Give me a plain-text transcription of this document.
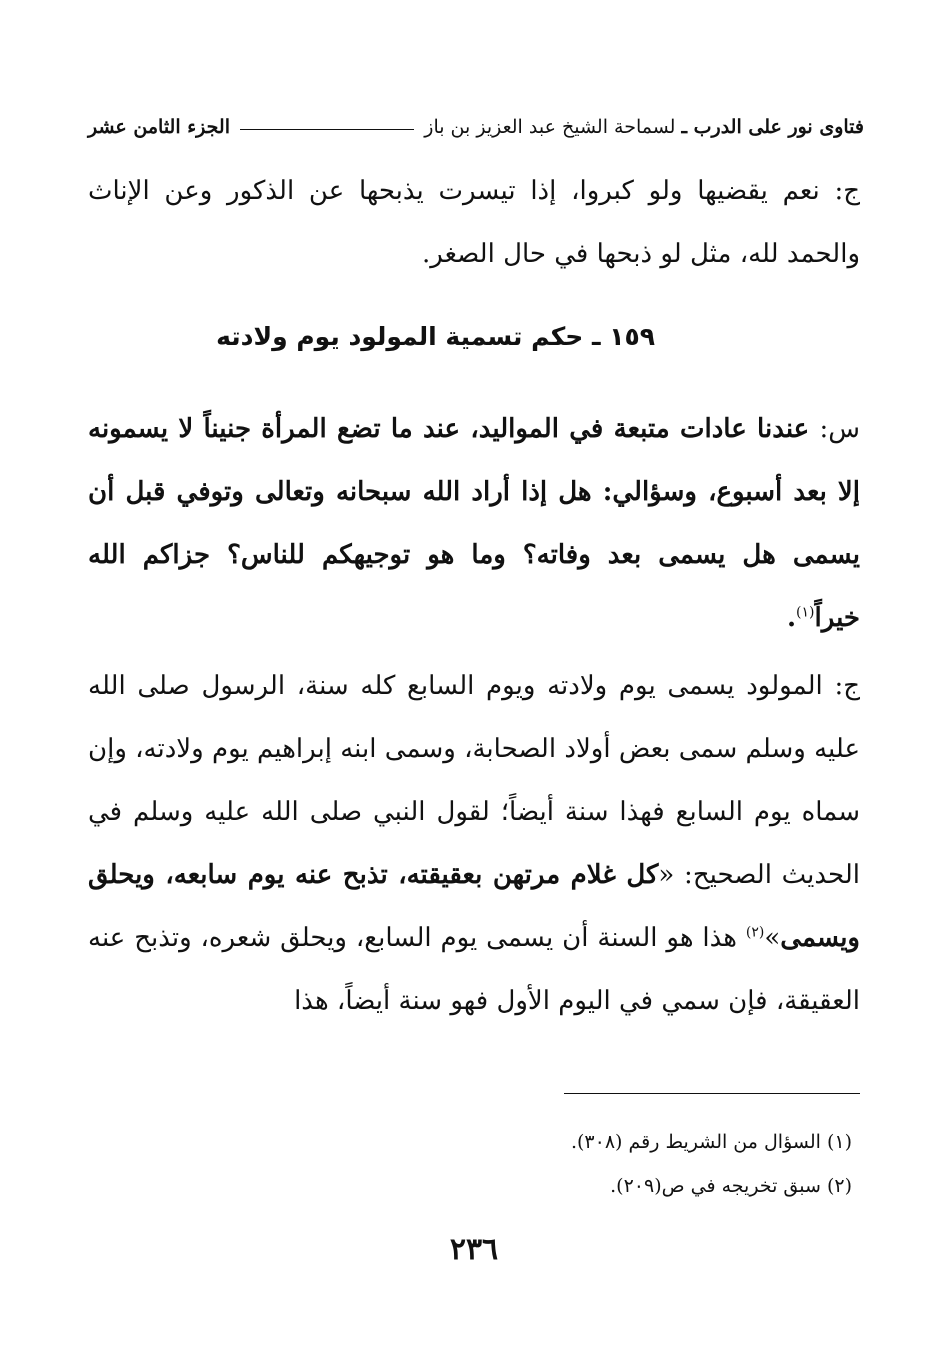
فتاوى نور على الدرب ـ
لسماحة الشيخ عبد العزيز بن باز
الجزء الثامن عشر
ج: نعم يقضيها ولو كبروا، إذا تيسرت يذبحها عن الذكور وعن الإناث والحمد لله، مثل لو ذبحها في حال الصغر.
١٥٩ ـ حكم تسمية المولود يوم ولادته
س: عندنا عادات متبعة في المواليد، عند ما تضع المرأة جنيناً لا يسمونه إلا بعد أسبوع، وسؤالي: هل إذا أراد الله سبحانه وتعالى وتوفي قبل أن يسمى هل يسمى بعد وفاته؟ وما هو توجيهكم للناس؟ جزاكم الله خيراً$^{(١)}$.
ج: المولود يسمى يوم ولادته ويوم السابع كله سنة، الرسول صلى الله عليه وسلم سمى بعض أولاد الصحابة، وسمى ابنه إبراهيم يوم ولادته، وإن سماه يوم السابع فهذا سنة أيضاً؛ لقول النبي صلى الله عليه وسلم في الحديث الصحيح: «كل غلام مرتهن بعقيقته، تذبح عنه يوم سابعه، ويحلق ويسمى»$^{(٢)}$ هذا هو السنة أن يسمى يوم السابع، ويحلق شعره، وتذبح عنه العقيقة، فإن سمي في اليوم الأول فهو سنة أيضاً، هذا
(١) السؤال من الشريط رقم (٣٠٨).
(٢) سبق تخريجه في ص(٢٠٩).
٢٣٦
